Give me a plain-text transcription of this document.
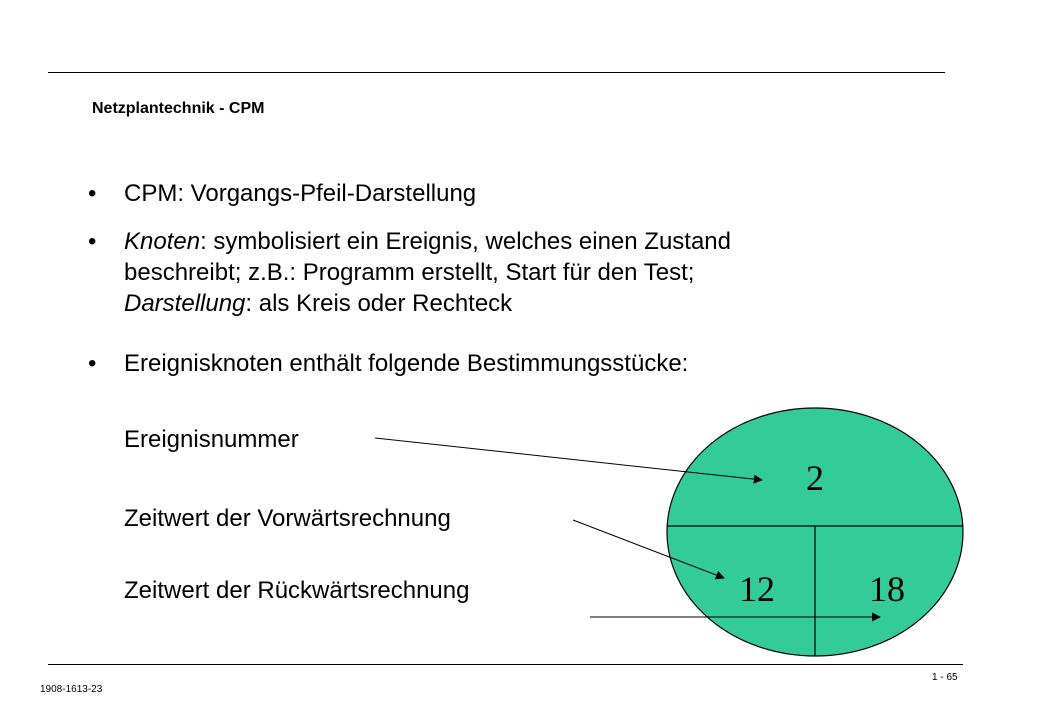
Netzplantechnik - CPM
• CPM: Vorgangs-Pfeil-Darstellung
• Knoten: symbolisiert ein Ereignis, welches einen Zustand
beschreibt; z.B.: Programm erstellt, Start für den Test;
Darstellung: als Kreis oder Rechteck
• Ereignisknoten enthält folgende Bestimmungsstücke:
Ereignisnummer
Zeitwert der Vorwärtsrechnung
Zeitwert der Rückwärtsrechnung
2
12	18
1908-1613-23
1 - 65
